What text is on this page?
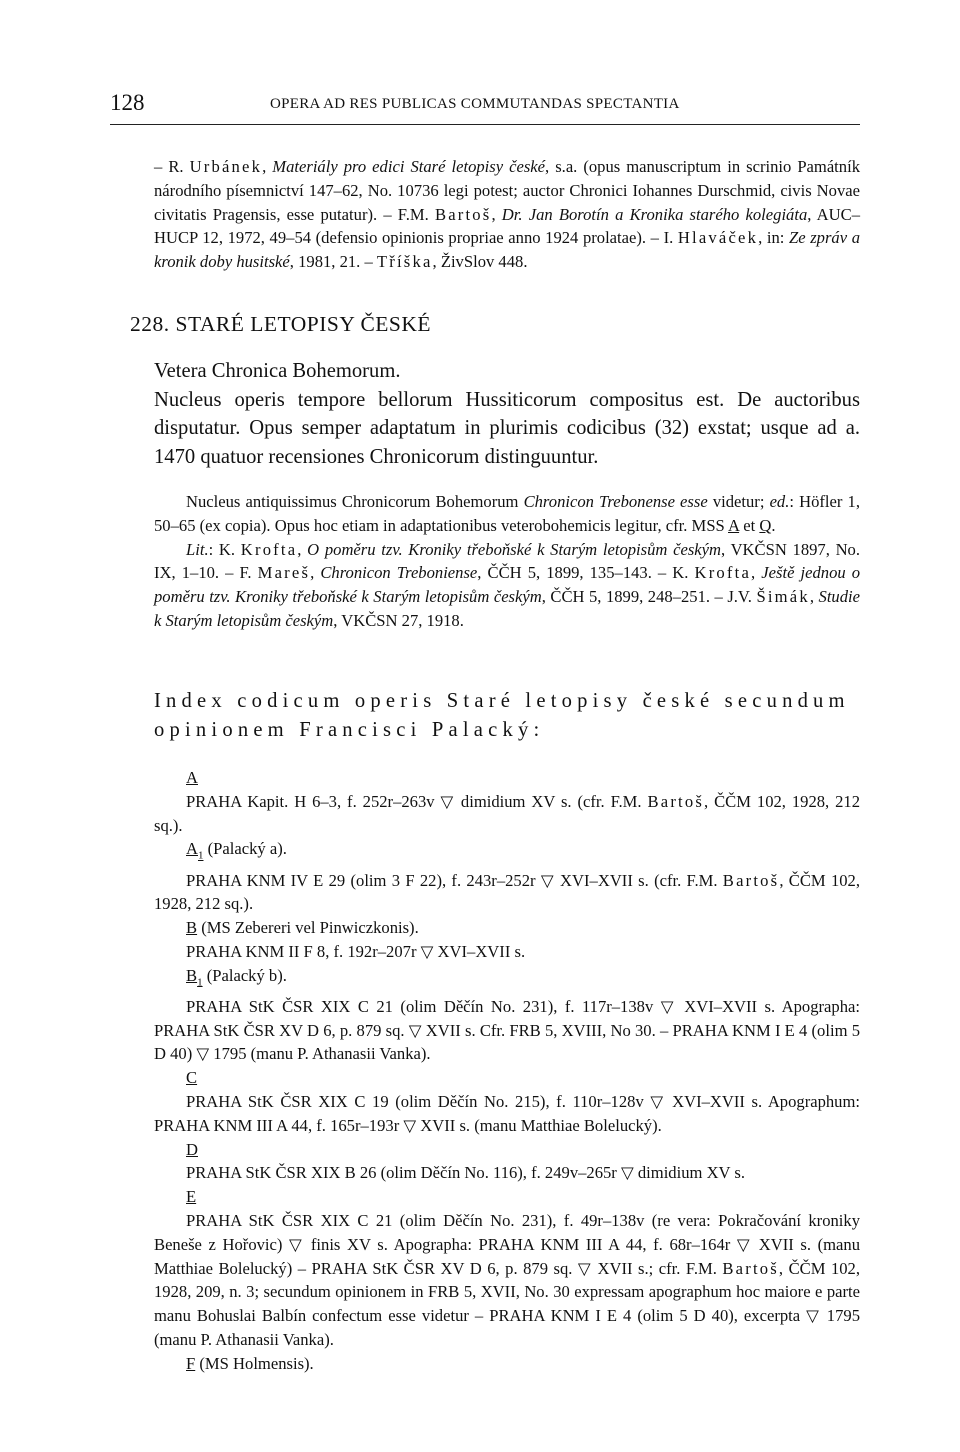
128	OPERA AD RES PUBLICAS COMMUTANDAS SPECTANTIA

– R. Urbánek, Materiály pro edici Staré letopisy české, s.a. (opus manuscriptum in scrinio Památník národního písemnictví 147–62, No. 10736 legi potest; auctor Chronici Iohannes Durschmid, civis Novae civitatis Pragensis, esse putatur). – F.M. Bartoš, Dr. Jan Borotín a Kronika starého kolegiáta, AUC–HUCP 12, 1972, 49–54 (defensio opinionis propriae anno 1924 prolatae). – I. Hlaváček, in: Ze zpráv a kronik doby husitské, 1981, 21. – Tříška, ŽivSlov 448.

228. STARÉ LETOPISY ČESKÉ

Vetera Chronica Bohemorum.

Nucleus operis tempore bellorum Hussiticorum compositus est. De auctoribus disputatur. Opus semper adaptatum in plurimis codicibus (32) exstat; usque ad a. 1470 quatuor recensiones Chronicorum distinguuntur.

Nucleus antiquissimus Chronicorum Bohemorum Chronicon Trebonense esse videtur; ed.: Höfler 1, 50–65 (ex copia). Opus hoc etiam in adaptationibus veterobohemicis legitur, cfr. MSS A et Q.

Lit.: K. Krofta, O poměru tzv. Kroniky třeboňské k Starým letopisům českým, VKČSN 1897, No. IX, 1–10. – F. Mareš, Chronicon Treboniense, ČČH 5, 1899, 135–143. – K. Krofta, Ještě jednou o poměru tzv. Kroniky třeboňské k Starým letopisům českým, ČČH 5, 1899, 248–251. – J.V. Šimák, Studie k Starým letopisům českým, VKČSN 27, 1918.

Index codicum operis Staré letopisy české secundum opinionem Francisci Palacký:

A

PRAHA Kapit. H 6–3, f. 252r–263v ▽ dimidium XV s. (cfr. F.M. Bartoš, ČČM 102, 1928, 212 sq.).

$A_1$ (Palacký a).

PRAHA KNM IV E 29 (olim 3 F 22), f. 243r–252r ▽ XVI–XVII s. (cfr. F.M. Bartoš, ČČM 102, 1928, 212 sq.).

B (MS Zebereri vel Pinwiczkonis).

PRAHA KNM II F 8, f. 192r–207r ▽ XVI–XVII s.

$B_1$ (Palacký b).

PRAHA StK ČSR XIX C 21 (olim Děčín No. 231), f. 117r–138v ▽ XVI–XVII s. Apographa: PRAHA StK ČSR XV D 6, p. 879 sq. ▽ XVII s. Cfr. FRB 5, XVIII, No 30. – PRAHA KNM I E 4 (olim 5 D 40) ▽ 1795 (manu P. Athanasii Vanka).

C

PRAHA StK ČSR XIX C 19 (olim Děčín No. 215), f. 110r–128v ▽ XVI–XVII s. Apographum: PRAHA KNM III A 44, f. 165r–193r ▽ XVII s. (manu Matthiae Bolelucký).

D

PRAHA StK ČSR XIX B 26 (olim Děčín No. 116), f. 249v–265r ▽ dimidium XV s.

E

PRAHA StK ČSR XIX C 21 (olim Děčín No. 231), f. 49r–138v (re vera: Pokračování kroniky Beneše z Hořovic) ▽ finis XV s. Apographa: PRAHA KNM III A 44, f. 68r–164r ▽ XVII s. (manu Matthiae Bolelucký) – PRAHA StK ČSR XV D 6, p. 879 sq. ▽ XVII s.; cfr. F.M. Bartoš, ČČM 102, 1928, 209, n. 3; secundum opinionem in FRB 5, XVII, No. 30 expressam apographum hoc maiore e parte manu Bohuslai Balbín confectum esse videtur – PRAHA KNM I E 4 (olim 5 D 40), excerpta ▽ 1795 (manu P. Athanasii Vanka).

F (MS Holmensis).
